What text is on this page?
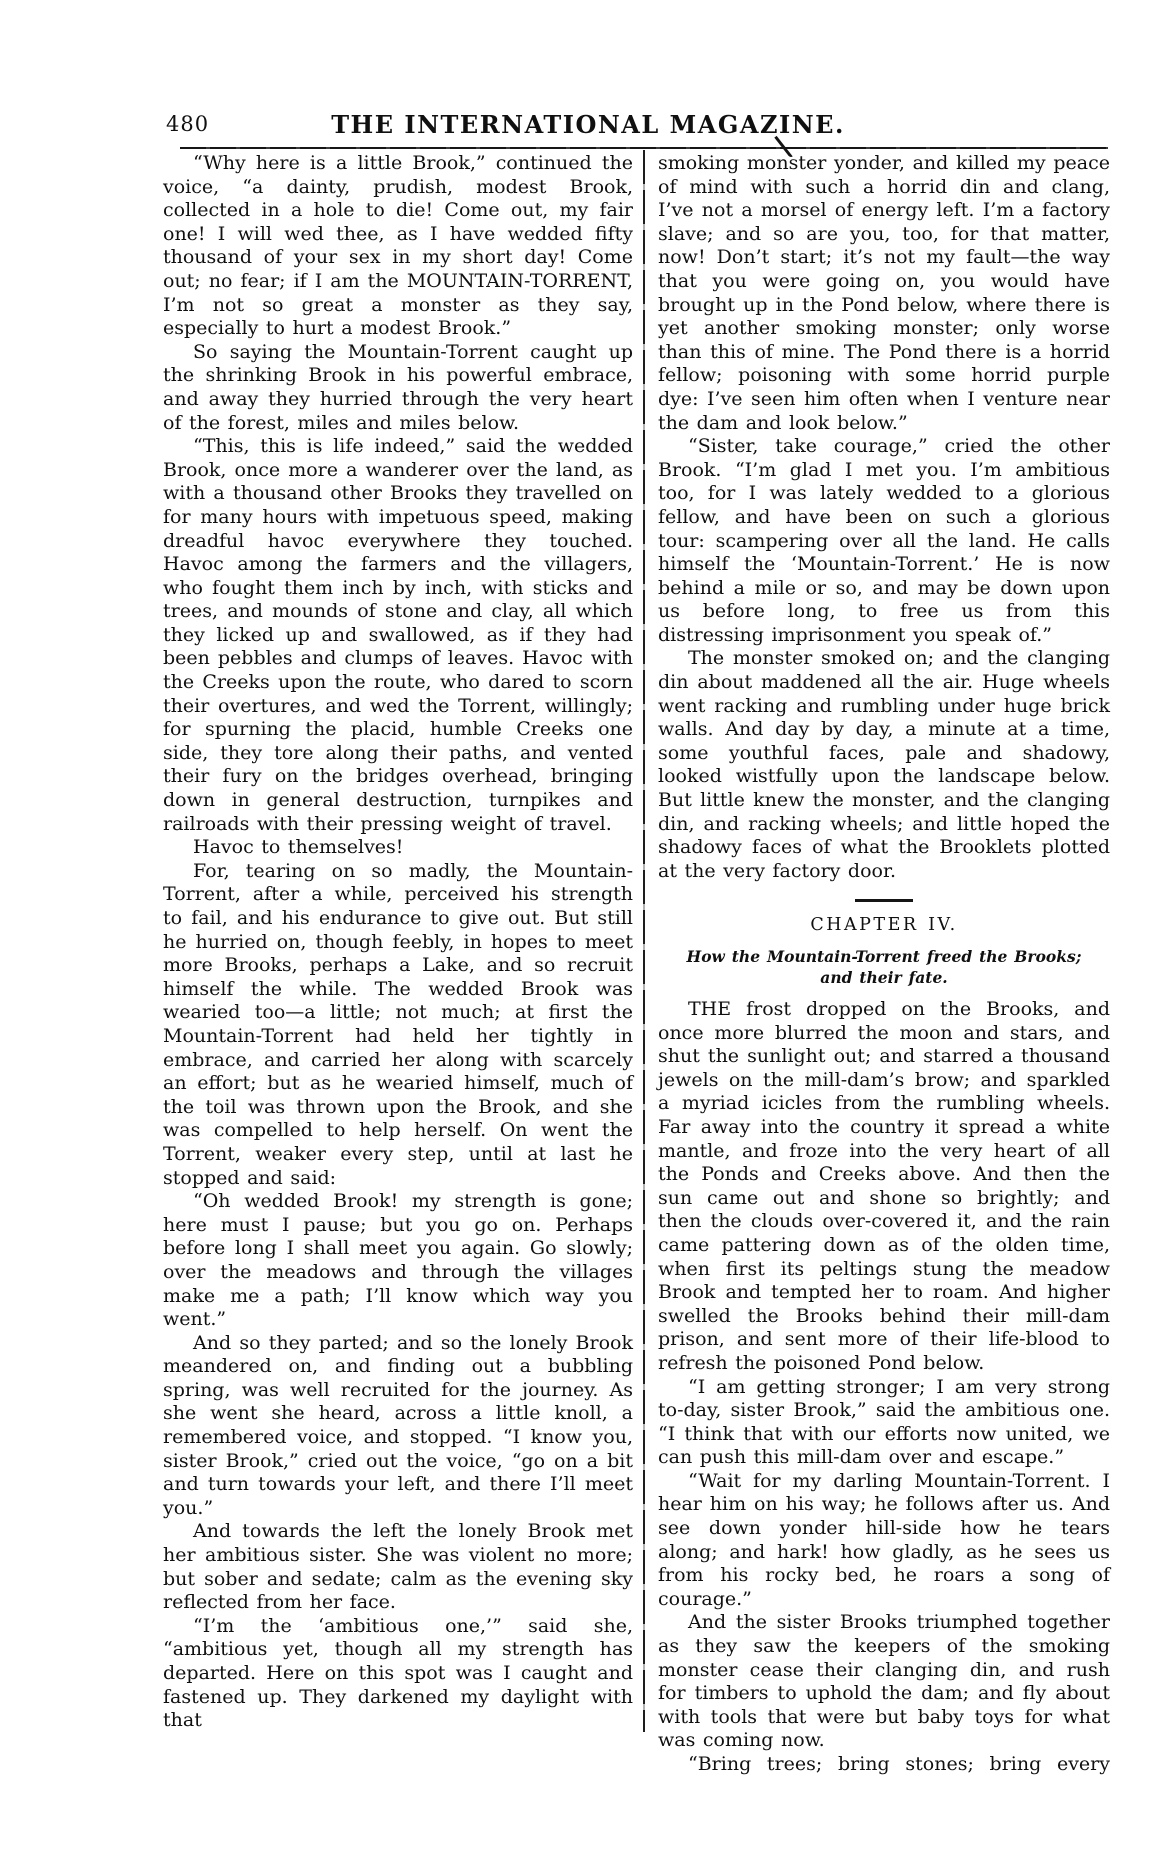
480	THE INTERNATIONAL MAGAZINE.

“Why here is a little Brook,” continued the voice, “a dainty, prudish, modest Brook, collected in a hole to die! Come out, my fair one! I will wed thee, as I have wedded fifty thousand of your sex in my short day! Come out; no fear; if I am the MOUNTAIN-TORRENT, I’m not so great a monster as they say, especially to hurt a modest Brook.”

So saying the Mountain-Torrent caught up the shrinking Brook in his powerful embrace, and away they hurried through the very heart of the forest, miles and miles below.

“This, this is life indeed,” said the wedded Brook, once more a wanderer over the land, as with a thousand other Brooks they travelled on for many hours with impetuous speed, making dreadful havoc everywhere they touched. Havoc among the farmers and the villagers, who fought them inch by inch, with sticks and trees, and mounds of stone and clay, all which they licked up and swallowed, as if they had been pebbles and clumps of leaves. Havoc with the Creeks upon the route, who dared to scorn their overtures, and wed the Torrent, willingly; for spurning the placid, humble Creeks one side, they tore along their paths, and vented their fury on the bridges overhead, bringing down in general destruction, turnpikes and railroads with their pressing weight of travel.

Havoc to themselves!

For, tearing on so madly, the Mountain-Torrent, after a while, perceived his strength to fail, and his endurance to give out. But still he hurried on, though feebly, in hopes to meet more Brooks, perhaps a Lake, and so recruit himself the while. The wedded Brook was wearied too—a little; not much; at first the Mountain-Torrent had held her tightly in embrace, and carried her along with scarcely an effort; but as he wearied himself, much of the toil was thrown upon the Brook, and she was compelled to help herself. On went the Torrent, weaker every step, until at last he stopped and said:

“Oh wedded Brook! my strength is gone; here must I pause; but you go on. Perhaps before long I shall meet you again. Go slowly; over the meadows and through the villages make me a path; I’ll know which way you went.”

And so they parted; and so the lonely Brook meandered on, and finding out a bubbling spring, was well recruited for the journey. As she went she heard, across a little knoll, a remembered voice, and stopped. “I know you, sister Brook,” cried out the voice, “go on a bit and turn towards your left, and there I’ll meet you.”

And towards the left the lonely Brook met her ambitious sister. She was violent no more; but sober and sedate; calm as the evening sky reflected from her face.

“I’m the ‘ambitious one,’” said she, “ambitious yet, though all my strength has departed. Here on this spot was I caught and fastened up. They darkened my daylight with that

smoking monster yonder, and killed my peace of mind with such a horrid din and clang, I’ve not a morsel of energy left. I’m a factory slave; and so are you, too, for that matter, now! Don’t start; it’s not my fault—the way that you were going on, you would have brought up in the Pond below, where there is yet another smoking monster; only worse than this of mine. The Pond there is a horrid fellow; poisoning with some horrid purple dye: I’ve seen him often when I venture near the dam and look below.”

“Sister, take courage,” cried the other Brook. “I’m glad I met you. I’m ambitious too, for I was lately wedded to a glorious fellow, and have been on such a glorious tour: scampering over all the land. He calls himself the ‘Mountain-Torrent.’ He is now behind a mile or so, and may be down upon us before long, to free us from this distressing imprisonment you speak of.”

The monster smoked on; and the clanging din about maddened all the air. Huge wheels went racking and rumbling under huge brick walls. And day by day, a minute at a time, some youthful faces, pale and shadowy, looked wistfully upon the landscape below. But little knew the monster, and the clanging din, and racking wheels; and little hoped the shadowy faces of what the Brooklets plotted at the very factory door.

CHAPTER IV.

How the Mountain-Torrent freed the Brooks; and their fate.

THE frost dropped on the Brooks, and once more blurred the moon and stars, and shut the sunlight out; and starred a thousand jewels on the mill-dam’s brow; and sparkled a myriad icicles from the rumbling wheels. Far away into the country it spread a white mantle, and froze into the very heart of all the Ponds and Creeks above. And then the sun came out and shone so brightly; and then the clouds over-covered it, and the rain came pattering down as of the olden time, when first its peltings stung the meadow Brook and tempted her to roam. And higher swelled the Brooks behind their mill-dam prison, and sent more of their life-blood to refresh the poisoned Pond below.

“I am getting stronger; I am very strong to-day, sister Brook,” said the ambitious one. “I think that with our efforts now united, we can push this mill-dam over and escape.”

“Wait for my darling Mountain-Torrent. I hear him on his way; he follows after us. And see down yonder hill-side how he tears along; and hark! how gladly, as he sees us from his rocky bed, he roars a song of courage.”

And the sister Brooks triumphed together as they saw the keepers of the smoking monster cease their clanging din, and rush for timbers to uphold the dam; and fly about with tools that were but baby toys for what was coming now.

“Bring trees; bring stones; bring every
